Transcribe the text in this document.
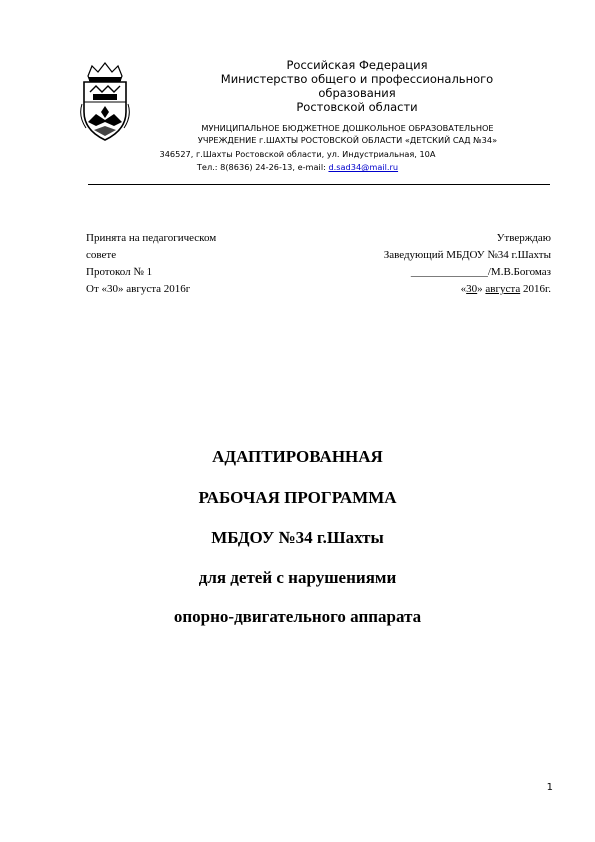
Российская Федерация
Министерство общего и профессионального
образования
Ростовской области
МУНИЦИПАЛЬНОЕ БЮДЖЕТНОЕ ДОШКОЛЬНОЕ ОБРАЗОВАТЕЛЬНОЕ
УЧРЕЖДЕНИЕ г.ШАХТЫ РОСТОВСКОЙ ОБЛАСТИ «ДЕТСКИЙ САД №34»
346527, г.Шахты Ростовской области, ул. Индустриальная, 10А
Тел.: 8(8636) 24-26-13, e-mail: d.sad34@mail.ru
Принята на педагогическом
совете
Протокол № 1
От «30» августа 2016г
Утверждаю
Заведующий МБДОУ №34 г.Шахты
______________/М.В.Богомаз
«30» августа 2016г.
АДАПТИРОВАННАЯ
РАБОЧАЯ ПРОГРАММА
МБДОУ №34 г.Шахты
для детей с нарушениями
опорно-двигательного аппарата
1
